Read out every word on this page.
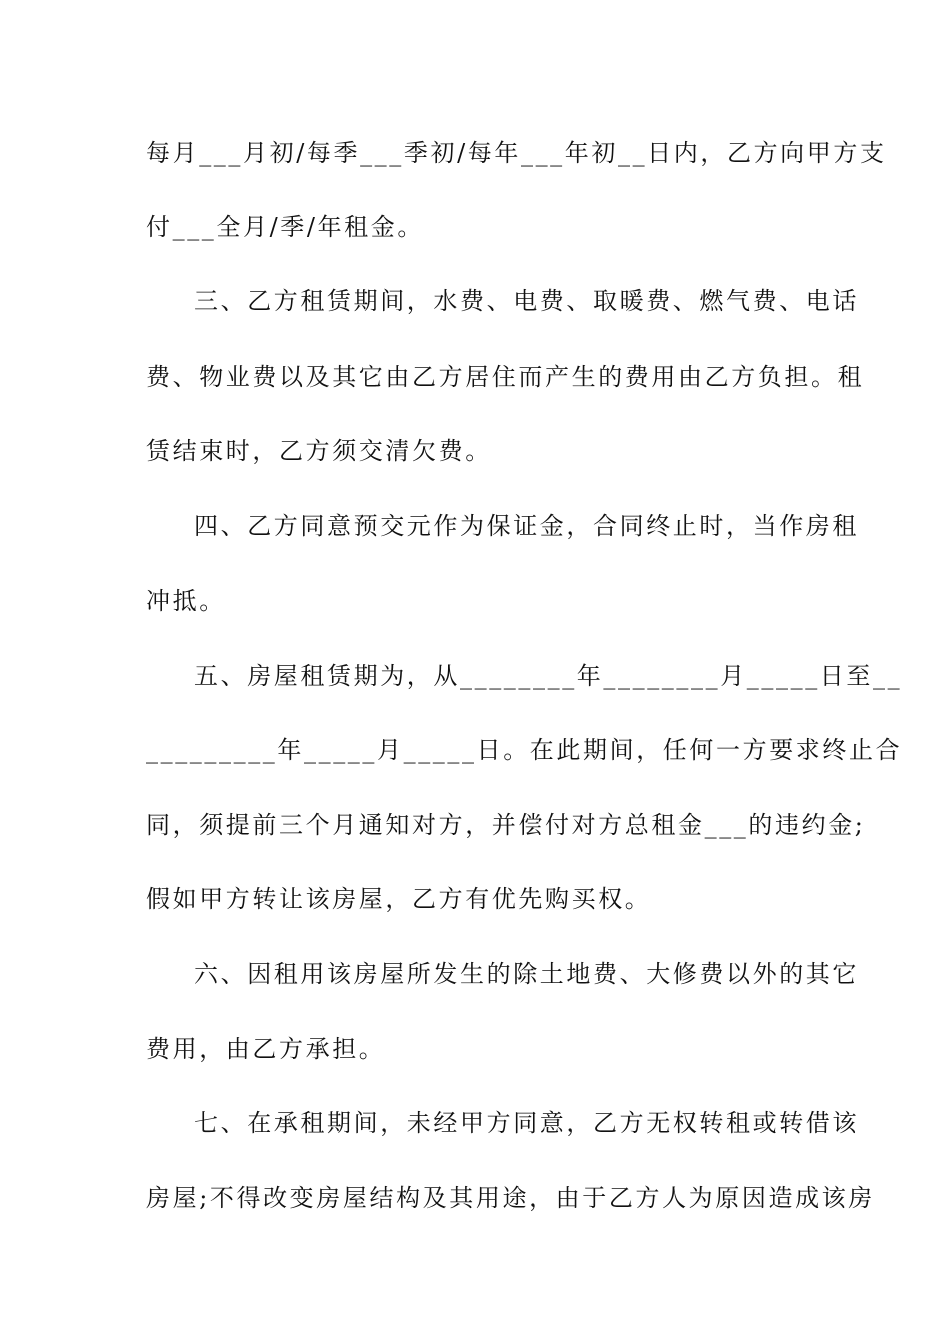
每月___月初/每季___季初/每年___年初__日内，乙方向甲方支
付___全月/季/年租金。
三、乙方租赁期间，水费、电费、取暖费、燃气费、电话
费、物业费以及其它由乙方居住而产生的费用由乙方负担。租
赁结束时，乙方须交清欠费。
四、乙方同意预交元作为保证金，合同终止时，当作房租
冲抵。
五、房屋租赁期为，从________年________月_____日至__
_________年_____月_____日。在此期间，任何一方要求终止合
同，须提前三个月通知对方，并偿付对方总租金___的违约金;
假如甲方转让该房屋，乙方有优先购买权。
六、因租用该房屋所发生的除土地费、大修费以外的其它
费用，由乙方承担。
七、在承租期间，未经甲方同意，乙方无权转租或转借该
房屋;不得改变房屋结构及其用途，由于乙方人为原因造成该房
